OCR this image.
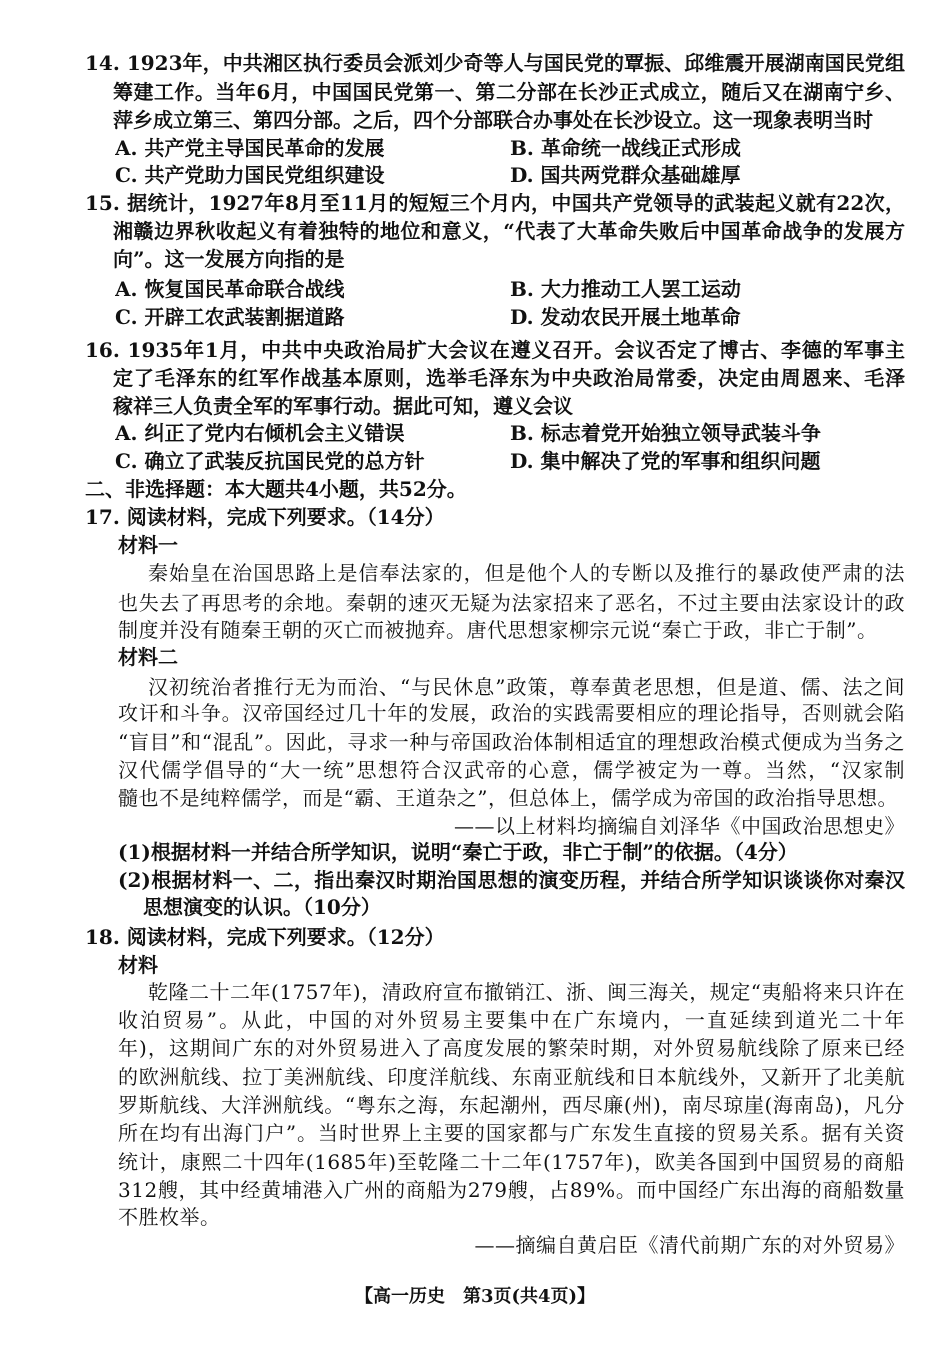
14. 1923年，中共湘区执行委员会派刘少奇等人与国民党的覃振、邱维震开展湖南国民党组
筹建工作。当年6月，中国国民党第一、第二分部在长沙正式成立，随后又在湖南宁乡、
萍乡成立第三、第四分部。之后，四个分部联合办事处在长沙设立。这一现象表明当时
A. 共产党主导国民革命的发展	B. 革命统一战线正式形成
C. 共产党助力国民党组织建设	D. 国共两党群众基础雄厚
15. 据统计，1927年8月至11月的短短三个月内，中国共产党领导的武装起义就有22次，
湘赣边界秋收起义有着独特的地位和意义，“代表了大革命失败后中国革命战争的发展方
向”。这一发展方向指的是
A. 恢复国民革命联合战线	B. 大力推动工人罢工运动
C. 开辟工农武装割据道路	D. 发动农民开展土地革命
16. 1935年1月，中共中央政治局扩大会议在遵义召开。会议否定了博古、李德的军事主
定了毛泽东的红军作战基本原则，选举毛泽东为中央政治局常委，决定由周恩来、毛泽
稼祥三人负责全军的军事行动。据此可知，遵义会议
A. 纠正了党内右倾机会主义错误	B. 标志着党开始独立领导武装斗争
C. 确立了武装反抗国民党的总方针	D. 集中解决了党的军事和组织问题
二、非选择题：本大题共4小题，共52分。
17. 阅读材料，完成下列要求。（14分）
材料一
秦始皇在治国思路上是信奉法家的，但是他个人的专断以及推行的暴政使严肃的法
也失去了再思考的余地。秦朝的速灭无疑为法家招来了恶名，不过主要由法家设计的政
制度并没有随秦王朝的灭亡而被抛弃。唐代思想家柳宗元说“秦亡于政，非亡于制”。
材料二
汉初统治者推行无为而治、“与民休息”政策，尊奉黄老思想，但是道、儒、法之间
攻讦和斗争。汉帝国经过几十年的发展，政治的实践需要相应的理论指导，否则就会陷
“盲目”和“混乱”。因此，寻求一种与帝国政治体制相适宜的理想政治模式便成为当务之
汉代儒学倡导的“大一统”思想符合汉武帝的心意，儒学被定为一尊。当然，“汉家制
髓也不是纯粹儒学，而是“霸、王道杂之”，但总体上，儒学成为帝国的政治指导思想。
——以上材料均摘编自刘泽华《中国政治思想史》
(1)根据材料一并结合所学知识，说明“秦亡于政，非亡于制”的依据。（4分）
(2)根据材料一、二，指出秦汉时期治国思想的演变历程，并结合所学知识谈谈你对秦汉
思想演变的认识。（10分）
18. 阅读材料，完成下列要求。（12分）
材料
乾隆二十二年(1757年)，清政府宣布撤销江、浙、闽三海关，规定“夷船将来只许在
收泊贸易”。从此，中国的对外贸易主要集中在广东境内，一直延续到道光二十年
年)，这期间广东的对外贸易进入了高度发展的繁荣时期，对外贸易航线除了原来已经
的欧洲航线、拉丁美洲航线、印度洋航线、东南亚航线和日本航线外，又新开了北美航
罗斯航线、大洋洲航线。“粤东之海，东起潮州，西尽廉(州)，南尽琼崖(海南岛)，凡分
所在均有出海门户”。当时世界上主要的国家都与广东发生直接的贸易关系。据有关资
统计，康熙二十四年(1685年)至乾隆二十二年(1757年)，欧美各国到中国贸易的商船
312艘，其中经黄埔港入广州的商船为279艘，占89%。而中国经广东出海的商船数量
不胜枚举。
——摘编自黄启臣《清代前期广东的对外贸易》
【高一历史　第3页(共4页)】
